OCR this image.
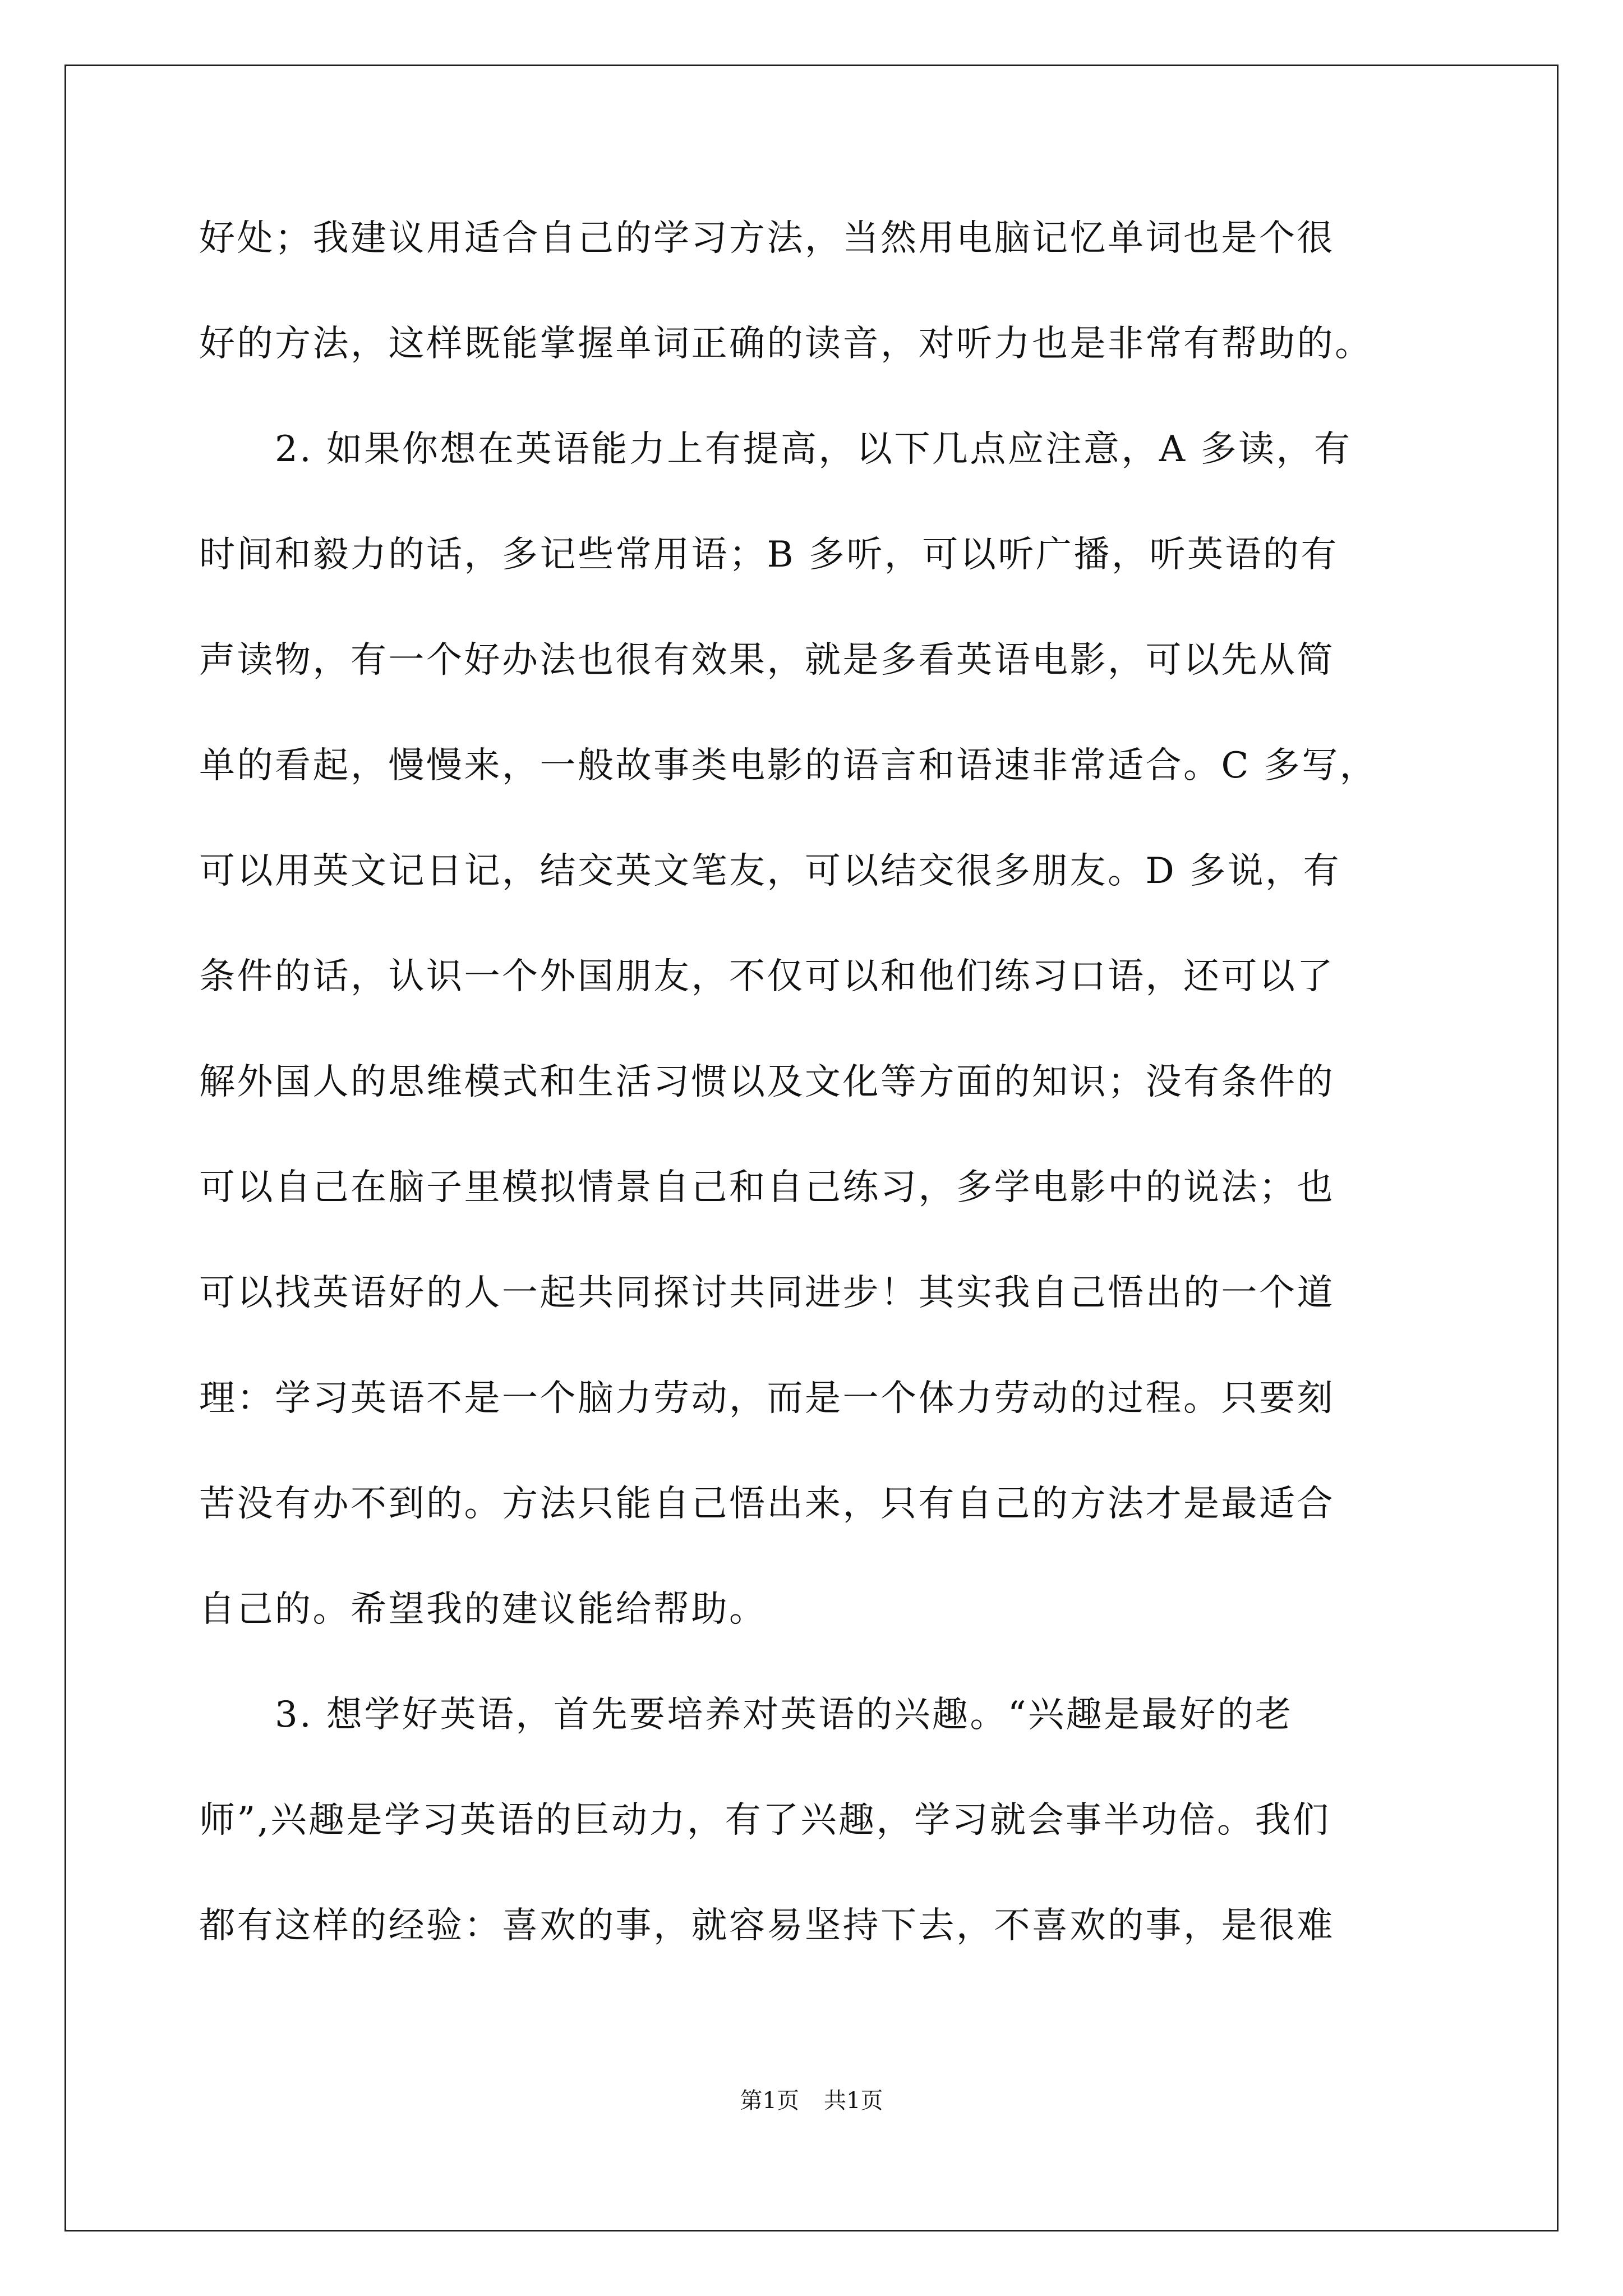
好处；我建议用适合自己的学习方法，当然用电脑记忆单词也是个很
好的方法，这样既能掌握单词正确的读音，对听力也是非常有帮助的。
2. 如果你想在英语能力上有提高，以下几点应注意，A 多读，有
时间和毅力的话，多记些常用语；B 多听，可以听广播，听英语的有
声读物，有一个好办法也很有效果，就是多看英语电影，可以先从简
单的看起，慢慢来，一般故事类电影的语言和语速非常适合。C 多写，
可以用英文记日记，结交英文笔友，可以结交很多朋友。D 多说，有
条件的话，认识一个外国朋友，不仅可以和他们练习口语，还可以了
解外国人的思维模式和生活习惯以及文化等方面的知识；没有条件的
可以自己在脑子里模拟情景自己和自己练习，多学电影中的说法；也
可以找英语好的人一起共同探讨共同进步！其实我自己悟出的一个道
理：学习英语不是一个脑力劳动，而是一个体力劳动的过程。只要刻
苦没有办不到的。方法只能自己悟出来，只有自己的方法才是最适合
自己的。希望我的建议能给帮助。
3. 想学好英语，首先要培养对英语的兴趣。“兴趣是最好的老
师”,兴趣是学习英语的巨动力，有了兴趣，学习就会事半功倍。我们
都有这样的经验：喜欢的事，就容易坚持下去，不喜欢的事，是很难
第1页 共1页
